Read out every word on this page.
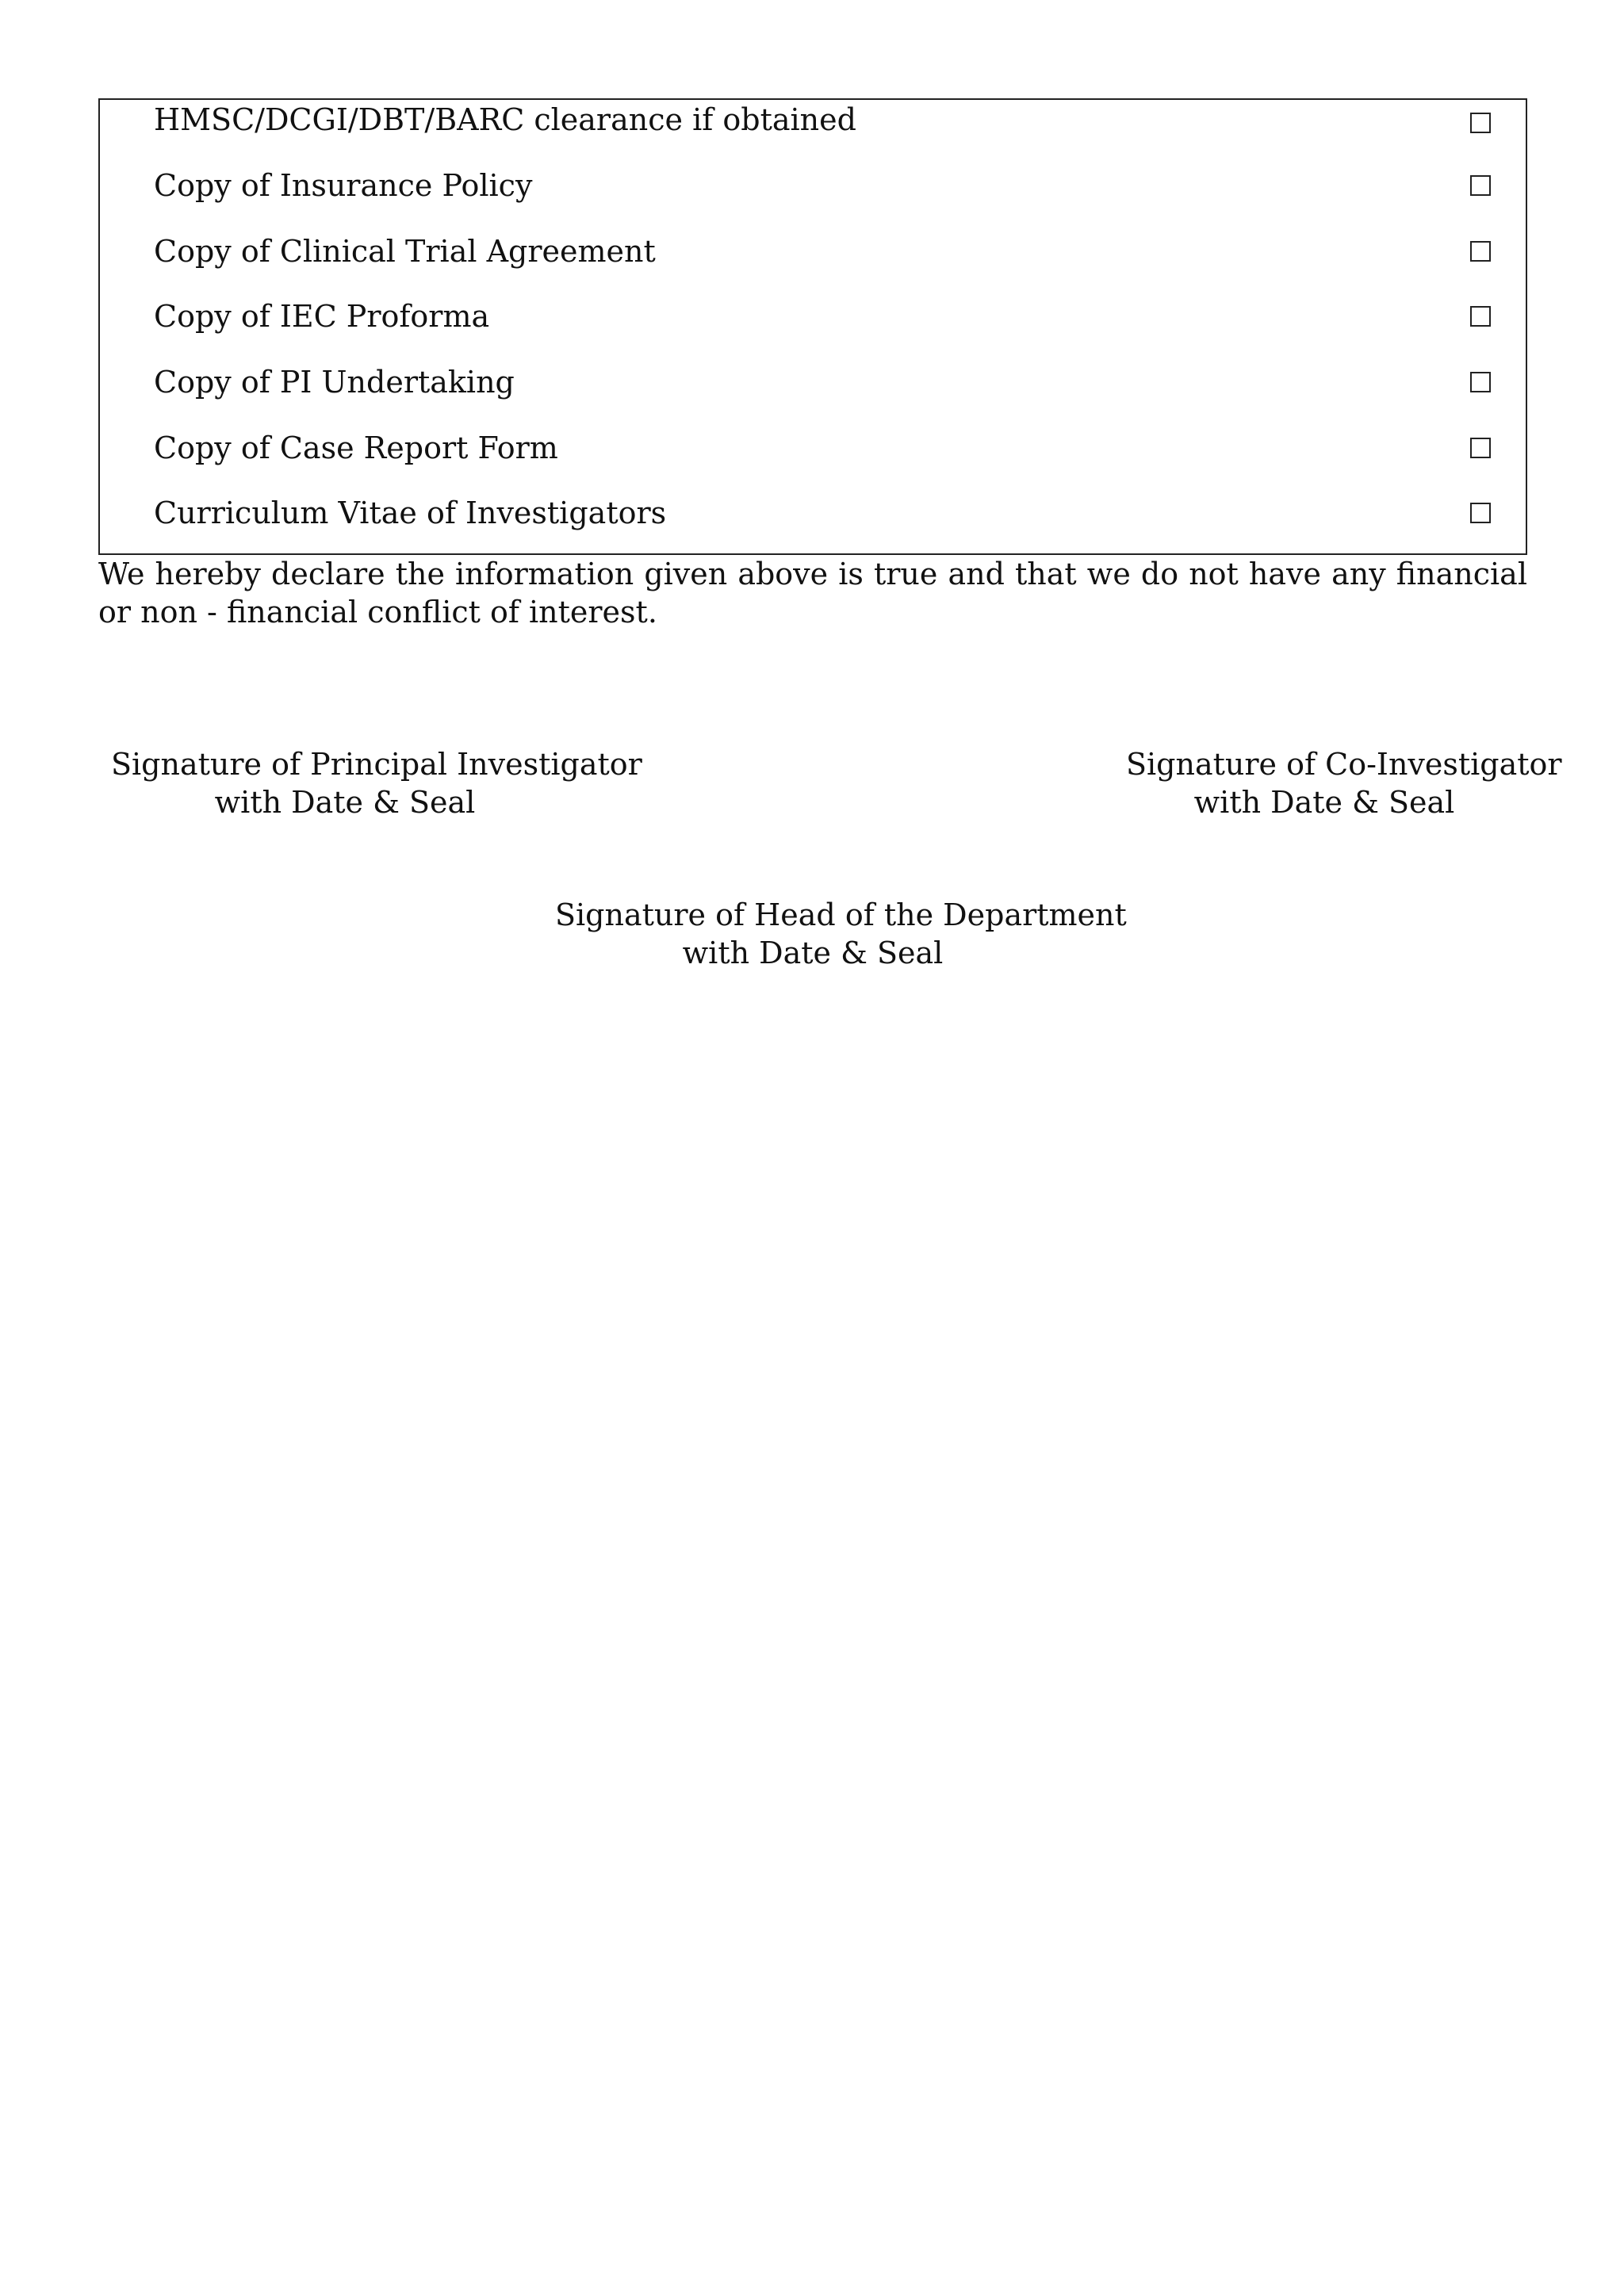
HMSC/DCGI/DBT/BARC clearance if obtained
Copy of Insurance Policy
Copy of Clinical Trial Agreement
Copy of IEC Proforma
Copy of PI Undertaking
Copy of Case Report Form
Curriculum Vitae of Investigators
We hereby declare the information given above is true and that we do not have any financial or non - financial conflict of interest.
Signature of Principal Investigator
with Date & Seal
Signature of Co-Investigator
with Date & Seal
Signature of Head of the Department
with Date & Seal
